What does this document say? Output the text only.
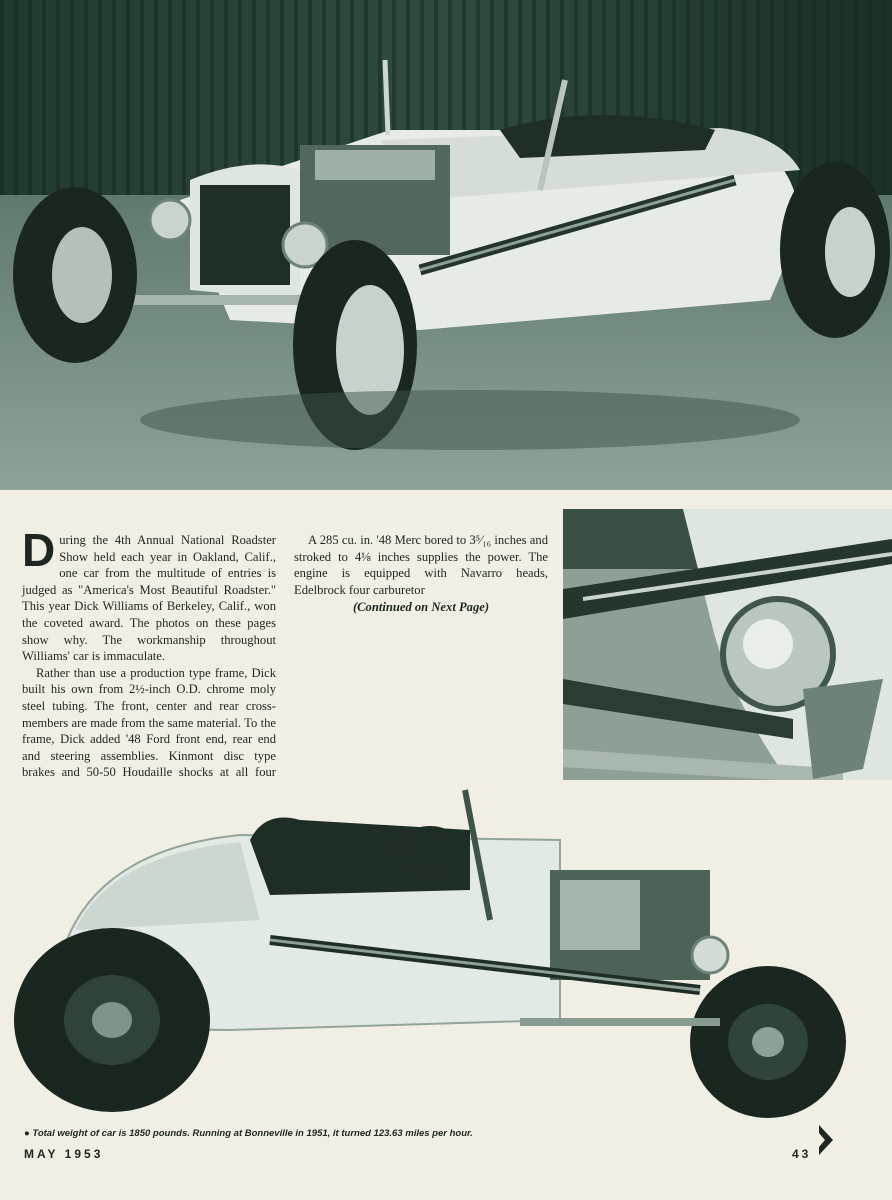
During the 4th Annual National Roadster Show held each year in Oakland, Calif., one car from the multitude of entries is judged as "America's Most Beautiful Roadster." This year Dick Williams of Berkeley, Calif., won the coveted award. The photos on these pages show why. The workmanship throughout Williams' car is immaculate.

Rather than use a production type frame, Dick built his own from 2½-inch O.D. chrome moly steel tubing. The front, center and rear cross-members are made from the same material. To the frame, Dick added '48 Ford front end, rear end and steering assemblies. Kinmont disc type brakes and 50-50 Houdaille shocks at all four

A 285 cu. in. '48 Merc bored to 3⁵⁄₁₆ inches and stroked to 4⅛ inches supplies the power. The engine is equipped with Navarro heads, Edelbrock four carburetor

(Continued on Next Page)
● Total weight of car is 1850 pounds. Running at Bonneville in 1951, it turned 123.63 miles per hour.
MAY 1953	43
